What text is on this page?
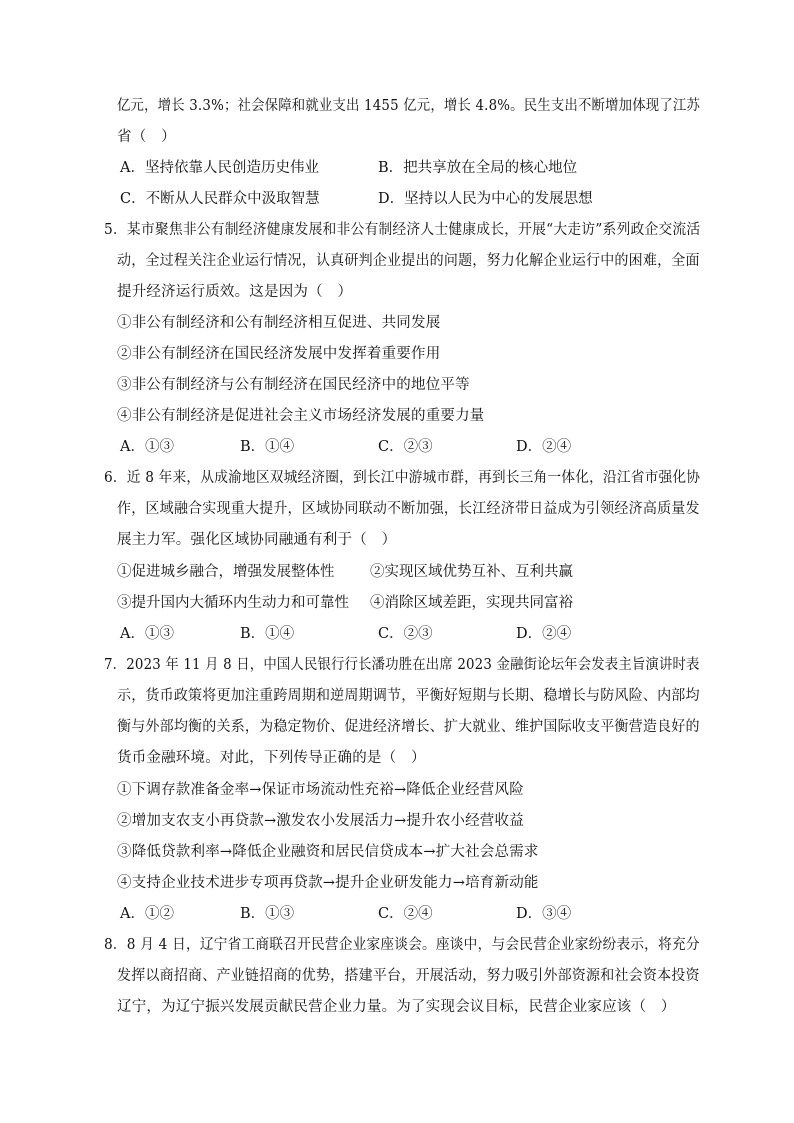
亿元，增长 3.3%；社会保障和就业支出 1455 亿元，增长 4.8%。民生支出不断增加体现了江苏
省（　）
A．坚持依靠人民创造历史伟业	B．把共享放在全局的核心地位
C．不断从人民群众中汲取智慧	D．坚持以人民为中心的发展思想
5．某市聚焦非公有制经济健康发展和非公有制经济人士健康成长，开展“大走访”系列政企交流活
动，全过程关注企业运行情况，认真研判企业提出的问题，努力化解企业运行中的困难，全面
提升经济运行质效。这是因为（　）
①非公有制经济和公有制经济相互促进、共同发展
②非公有制经济在国民经济发展中发挥着重要作用
③非公有制经济与公有制经济在国民经济中的地位平等
④非公有制经济是促进社会主义市场经济发展的重要力量
A．①③	B．①④	C．②③	D．②④
6．近 8 年来，从成渝地区双城经济圈，到长江中游城市群，再到长三角一体化，沿江省市强化协
作，区域融合实现重大提升，区域协同联动不断加强，长江经济带日益成为引领经济高质量发
展主力军。强化区域协同融通有利于（　）
①促进城乡融合，增强发展整体性 ②实现区域优势互补、互利共赢
③提升国内大循环内生动力和可靠性 ④消除区域差距，实现共同富裕
A．①③	B．①④	C．②③	D．②④
7．2023 年 11 月 8 日，中国人民银行行长潘功胜在出席 2023 金融街论坛年会发表主旨演讲时表
示，货币政策将更加注重跨周期和逆周期调节，平衡好短期与长期、稳增长与防风险、内部均
衡与外部均衡的关系，为稳定物价、促进经济增长、扩大就业、维护国际收支平衡营造良好的
货币金融环境。对此，下列传导正确的是（　）
①下调存款准备金率→保证市场流动性充裕→降低企业经营风险
②增加支农支小再贷款→激发农小发展活力→提升农小经营收益
③降低贷款利率→降低企业融资和居民信贷成本→扩大社会总需求
④支持企业技术进步专项再贷款→提升企业研发能力→培育新动能
A．①②	B．①③	C．②④	D．③④
8．8 月 4 日，辽宁省工商联召开民营企业家座谈会。座谈中，与会民营企业家纷纷表示，将充分
发挥以商招商、产业链招商的优势，搭建平台，开展活动，努力吸引外部资源和社会资本投资
辽宁，为辽宁振兴发展贡献民营企业力量。为了实现会议目标，民营企业家应该（　）
